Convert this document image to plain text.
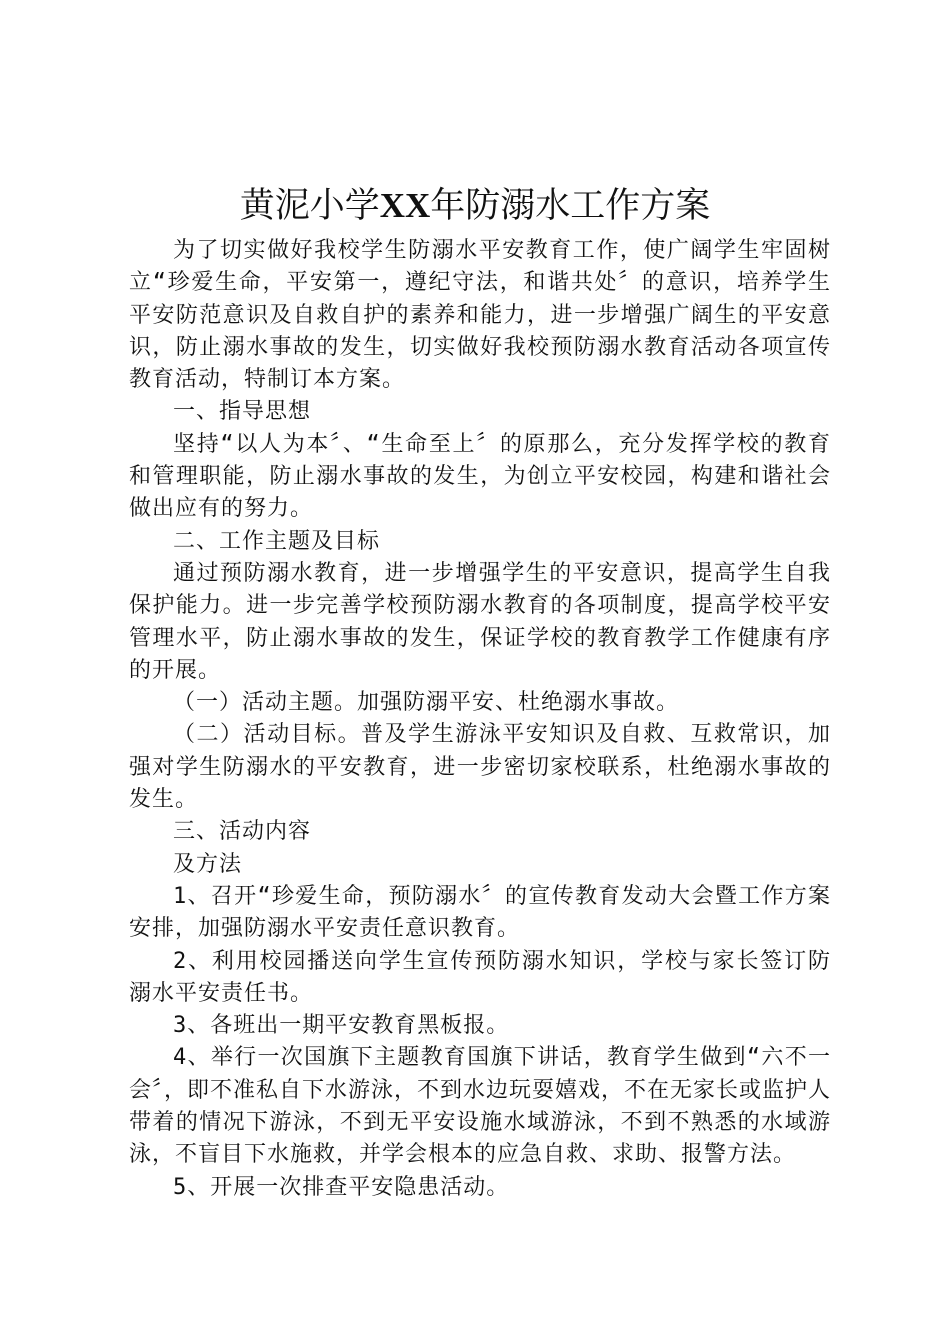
黄泥小学XX年防溺水工作方案

为了切实做好我校学生防溺水平安教育工作，使广阔学生牢固树立“珍爱生命，平安第一，遵纪守法，和谐共处〞的意识，培养学生平安防范意识及自救自护的素养和能力，进一步增强广阔生的平安意识，防止溺水事故的发生，切实做好我校预防溺水教育活动各项宣传教育活动，特制订本方案。

一、指导思想

坚持“以人为本〞、“生命至上〞的原那么，充分发挥学校的教育和管理职能，防止溺水事故的发生，为创立平安校园，构建和谐社会做出应有的努力。

二、工作主题及目标

通过预防溺水教育，进一步增强学生的平安意识，提高学生自我保护能力。进一步完善学校预防溺水教育的各项制度，提高学校平安管理水平，防止溺水事故的发生，保证学校的教育教学工作健康有序的开展。

（一）活动主题。加强防溺平安、杜绝溺水事故。

（二）活动目标。普及学生游泳平安知识及自救、互救常识，加强对学生防溺水的平安教育，进一步密切家校联系，杜绝溺水事故的发生。

三、活动内容

及方法

1、召开“珍爱生命，预防溺水〞的宣传教育发动大会暨工作方案安排，加强防溺水平安责任意识教育。

2、利用校园播送向学生宣传预防溺水知识，学校与家长签订防溺水平安责任书。

3、各班出一期平安教育黑板报。

4、举行一次国旗下主题教育国旗下讲话，教育学生做到“六不一会〞，即不准私自下水游泳，不到水边玩耍嬉戏，不在无家长或监护人带着的情况下游泳，不到无平安设施水域游泳，不到不熟悉的水域游泳，不盲目下水施救，并学会根本的应急自救、求助、报警方法。

5、开展一次排查平安隐患活动。
